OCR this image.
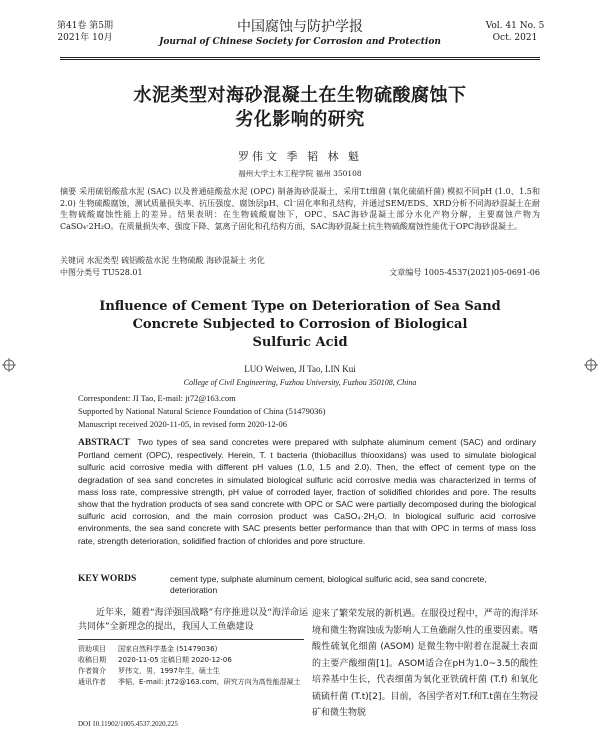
第41卷 第5期
2021年 10月
中国腐蚀与防护学报
Journal of Chinese Society for Corrosion and Protection
Vol. 41 No. 5
Oct. 2021
水泥类型对海砂混凝土在生物硫酸腐蚀下
劣化影响的研究
罗伟文 季 韬 林 魁
福州大学土木工程学院 福州 350108
摘要 采用硫铝酸盐水泥 (SAC) 以及普通硅酸盐水泥 (OPC) 制备海砂混凝土，采用T.t细菌 (氧化硫硫杆菌) 模拟不同pH (1.0、1.5和2.0) 生物硫酸腐蚀，测试质量损失率、抗压强度、腐蚀层pH、Cl⁻固化率和孔结构，并通过SEM/EDS、XRD分析不同海砂混凝土在耐生物硫酸腐蚀性能上的差异。结果表明：在生物硫酸腐蚀下，OPC、SAC海砂混凝土部分水化产物分解，主要腐蚀产物为CaSO₄·2H₂O。在质量损失率、强度下降、氯离子固化和孔结构方面，SAC海砂混凝土抗生物硫酸腐蚀性能优于OPC海砂混凝土。
关键词 水泥类型 硫铝酸盐水泥 生物硫酸 海砂混凝土 劣化
中图分类号 TU528.01	文章编号 1005-4537(2021)05-0691-06
Influence of Cement Type on Deterioration of Sea Sand
Concrete Subjected to Corrosion of Biological
Sulfuric Acid
LUO Weiwen, JI Tao, LIN Kui
College of Civil Engineering, Fuzhou University, Fuzhou 350108, China
Correspondent: JI Tao, E-mail: jt72@163.com
Supported by National Natural Science Foundation of China (51479036)
Manuscript received 2020-11-05, in revised form 2020-12-06
ABSTRACT Two types of sea sand concretes were prepared with sulphate aluminum cement (SAC) and ordinary Portland cement (OPC), respectively. Herein, T. t bacteria (thiobacillus thiooxidans) was used to simulate biological sulfuric acid corrosive media with different pH values (1.0, 1.5 and 2.0). Then, the effect of cement type on the degradation of sea sand concretes in simulated biological sulfuric acid corrosive media was characterized in terms of mass loss rate, compressive strength, pH value of corroded layer, fraction of solidified chlorides and pore. The results show that the hydration products of sea sand concrete with OPC or SAC were partially decomposed during the biological sulfuric acid corrosion, and the main corrosion product was CaSO₄·2H₂O. In biological sulfuric acid corrosive environments, the sea sand concrete with SAC presents better performance than that with OPC in terms of mass loss rate, strength deterioration, solidified fraction of chlorides and pore structure.
KEY WORDS	cement type, sulphate aluminum cement, biological sulfuric acid, sea sand concrete, deterioration
近年来，随着“海洋强国战略”有序推进以及“海洋命运共同体”全新理念的提出，我国人工鱼礁建设
迎来了繁荣发展的新机遇。在服役过程中，严苛的海洋环境和微生物腐蚀成为影响人工鱼礁耐久性的重要因素。嗜酸性硫氧化细菌 (ASOM) 是微生物中附着在混凝土表面的主要产酸细菌[1]。ASOM适合在pH为1.0~3.5的酸性培养基中生长，代表细菌为氧化亚铁硫杆菌 (T.f) 和氧化硫硫杆菌 (T.t)[2]。目前，各国学者对T.f和T.t菌在生物浸矿和微生物脱
资助项目	国家自然科学基金 (51479036)
收稿日期	2020-11-05 定稿日期 2020-12-06
作者简介	罗伟文，男，1997年生，硕士生
通讯作者	季韬，E-mail: jt72@163.com，研究方向为高性能混凝土
DOI 10.11902/1005.4537.2020.225
